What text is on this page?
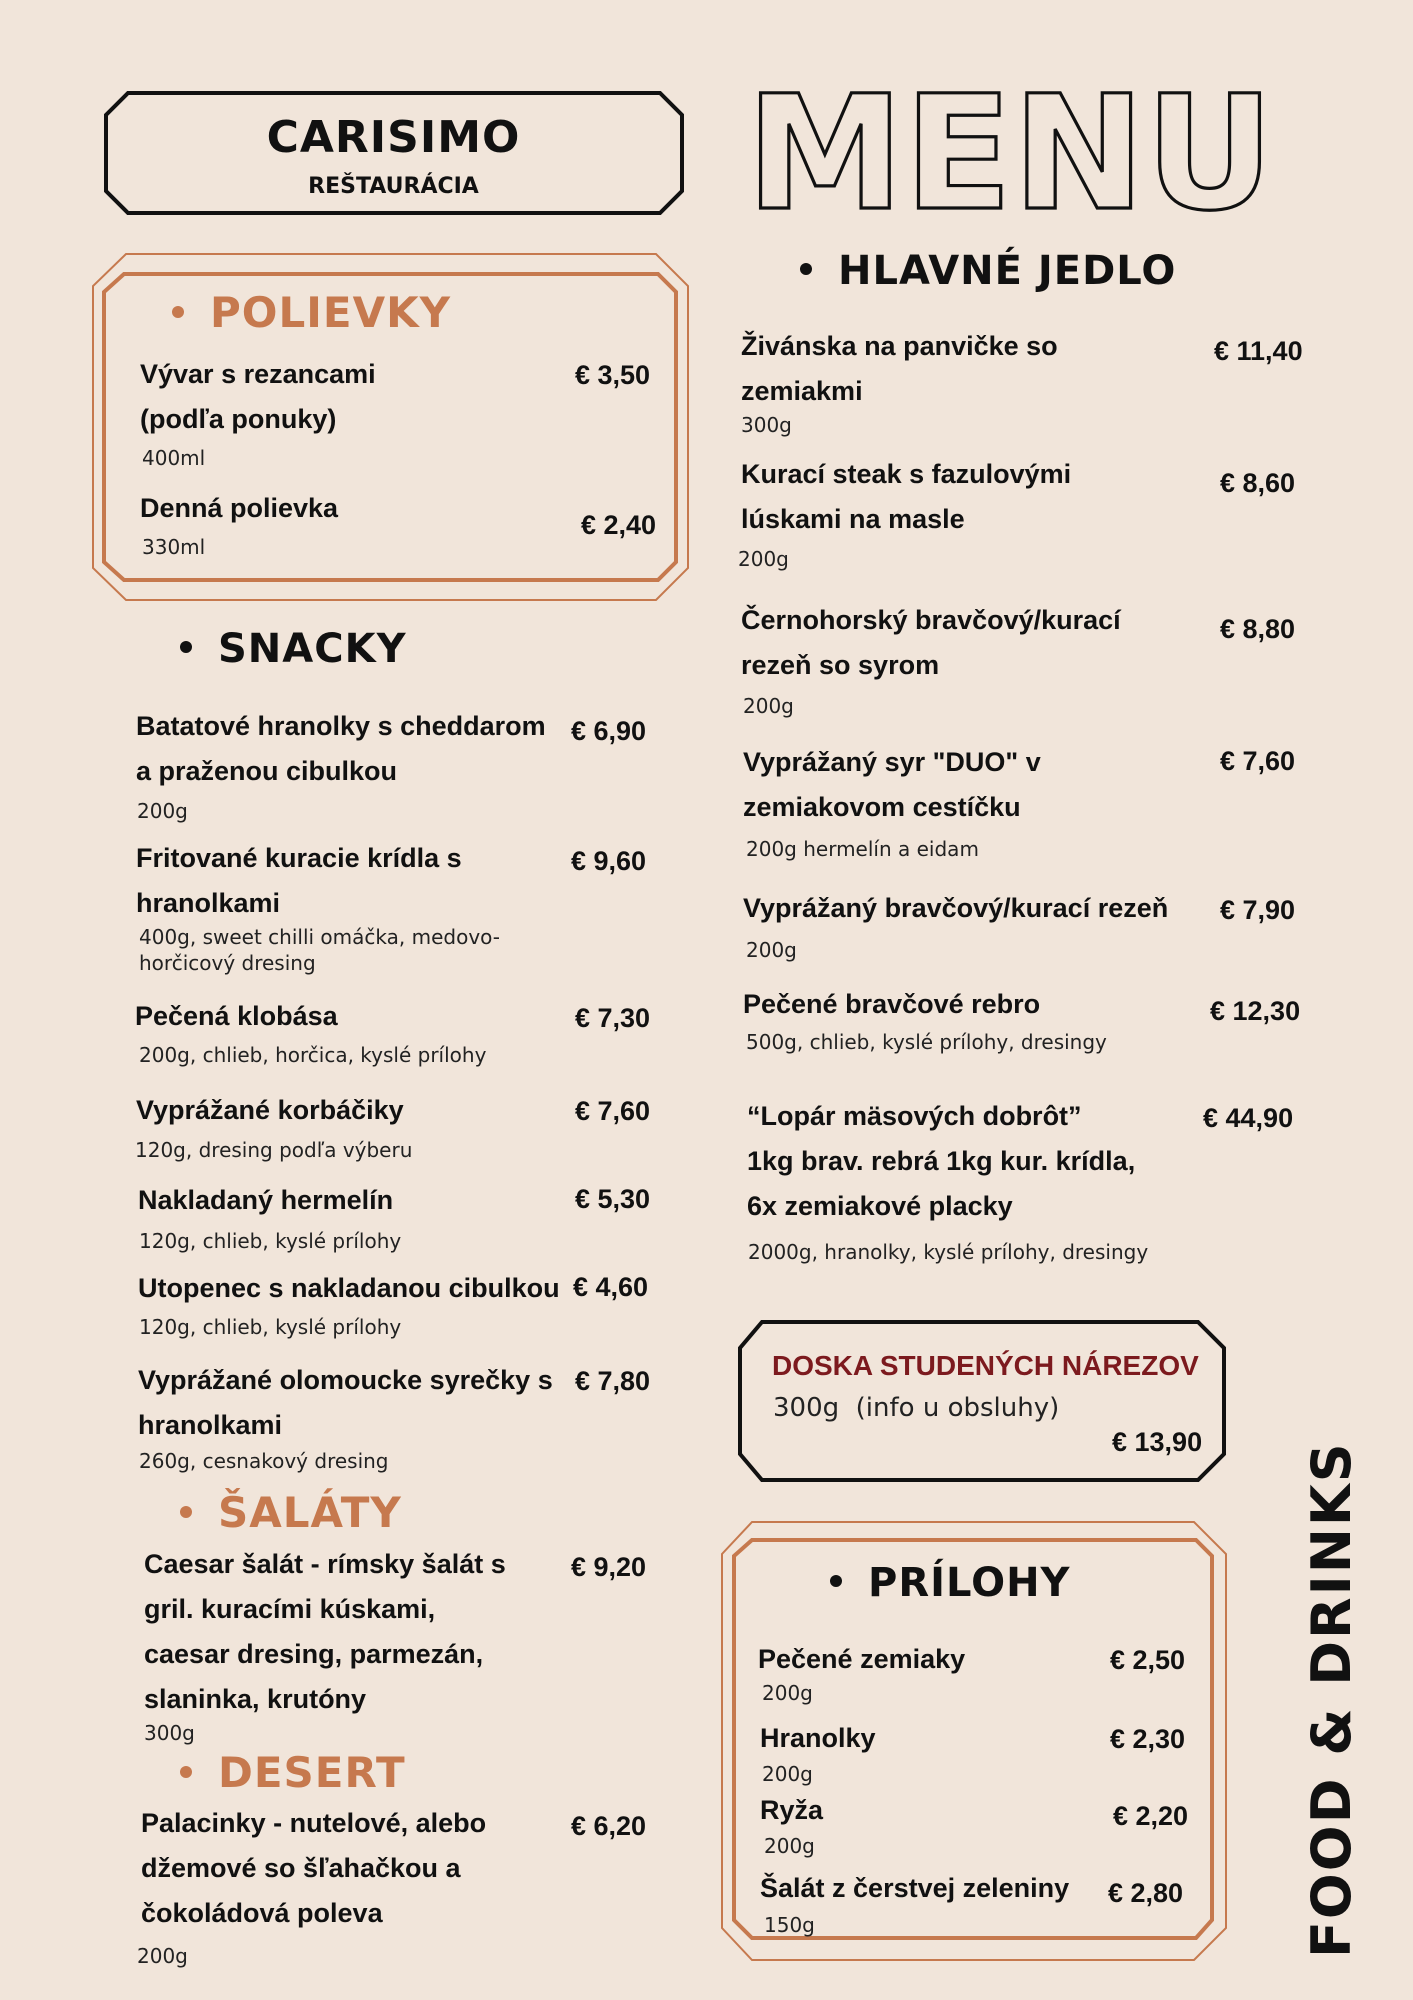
CARISIMO
REŠTAURÁCIA	MENU
POLIEVKY
SNACKY
ŠALÁTY
DESERT
HLAVNÉ JEDLO
PRÍLOHY
Vývar s rezancami
(podľa ponuky)
€ 3,50
400ml
Denná polievka
€ 2,40
330ml
Batatové hranolky s cheddarom
a praženou cibulkou
€ 6,90
200g
Fritované kuracie krídla s
hranolkami
€ 9,60
400g, sweet chilli omáčka, medovo-
horčicový dresing
Pečená klobása	€ 7,30
200g, chlieb, horčica, kyslé prílohy
Vyprážané korbáčiky	€ 7,60
120g, dresing podľa výberu
Nakladaný hermelín	€ 5,30
120g, chlieb, kyslé prílohy
Utopenec s nakladanou cibulkou € 4,60
120g, chlieb, kyslé prílohy
Vyprážané olomoucke syrečky s
hranolkami
€ 7,80
260g, cesnakový dresing
Caesar šalát - rímsky šalát s
gril. kuracími kúskami,
caesar dresing, parmezán,
slaninka, krutóny
€ 9,20
300g
Palacinky - nutelové, alebo
džemové so šľahačkou a
čokoládová poleva
€ 6,20
200g
Živánska na panvičke so
zemiakmi
€ 11,40
300g
Kurací steak s fazulovými
lúskami na masle
€ 8,60
200g
Černohorský bravčový/kurací
rezeň so syrom
€ 8,80
200g
Vyprážaný syr "DUO" v
zemiakovom cestíčku
€ 7,60
200g hermelín a eidam
Vyprážaný bravčový/kurací rezeň € 7,90
200g
Pečené bravčové rebro	€ 12,30
500g, chlieb, kyslé prílohy, dresingy
“Lopár mäsových dobrôt”
1kg brav. rebrá 1kg kur. krídla,
6x zemiakové placky
€ 44,90
2000g, hranolky, kyslé prílohy, dresingy
DOSKA STUDENÝCH NÁREZOV
300g  (info u obsluhy)
€ 13,90
Pečené zemiaky	€ 2,50
200g
Hranolky	€ 2,30
200g
Ryža	€ 2,20
200g
Šalát z čerstvej zeleniny € 2,80
150g	FOOD & DRINKS
